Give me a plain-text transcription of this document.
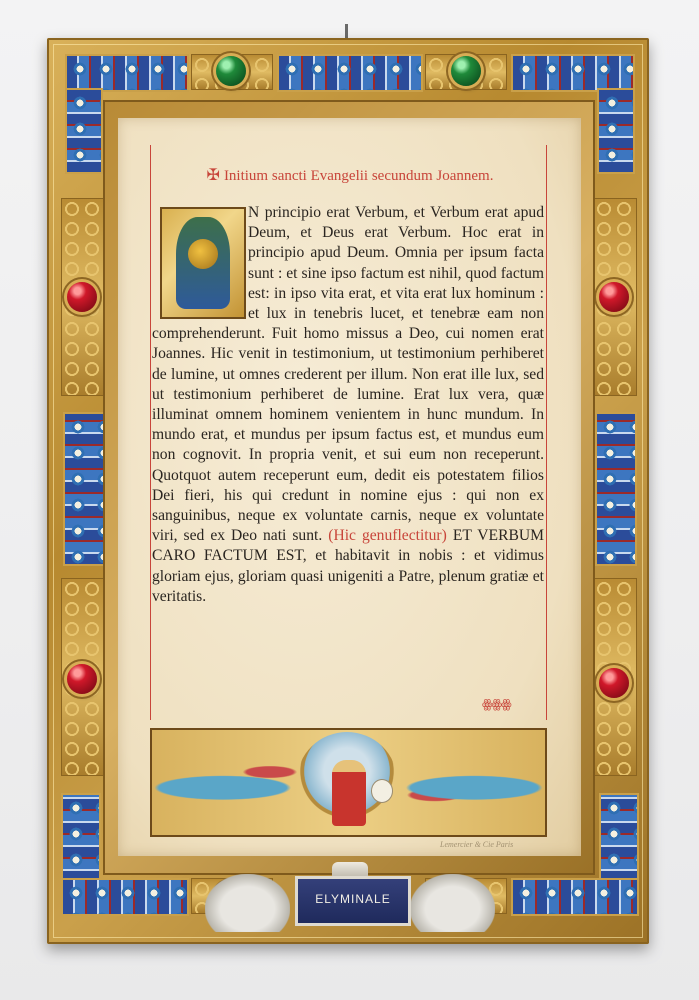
✠ Initium sancti Evangelii secundum Joannem.

N principio erat Verbum, et Verbum erat apud Deum, et Deus erat Verbum. Hoc erat in principio apud Deum. Omnia per ipsum facta sunt : et sine ipso factum est nihil, quod factum est: in ipso vita erat, et vita erat lux hominum : et lux in tenebris lucet, et tenebræ eam non comprehenderunt. Fuit homo missus a Deo, cui nomen erat Joannes. Hic venit in testimonium, ut testimonium perhiberet de lumine, ut omnes crederent per illum. Non erat ille lux, sed ut testimonium perhiberet de lumine. Erat lux vera, quæ illuminat omnem hominem venientem in hunc mundum. In mundo erat, et mundus per ipsum factus est, et mundus eum non cognovit. In propria venit, et sui eum non receperunt. Quotquot autem receperunt eum, dedit eis potestatem filios Dei fieri, his qui credunt in nomine ejus : qui non ex sanguinibus, neque ex voluntate carnis, neque ex voluntate viri, sed ex Deo nati sunt. (Hic genuflectitur) ET VERBUM CARO FACTUM EST, et habitavit in nobis : et vidimus gloriam ejus, gloriam quasi unigeniti a Patre, plenum gratiæ et veritatis.

ꙮꙮꙮ
Lemercier & Cie Paris
ELYMINALE
